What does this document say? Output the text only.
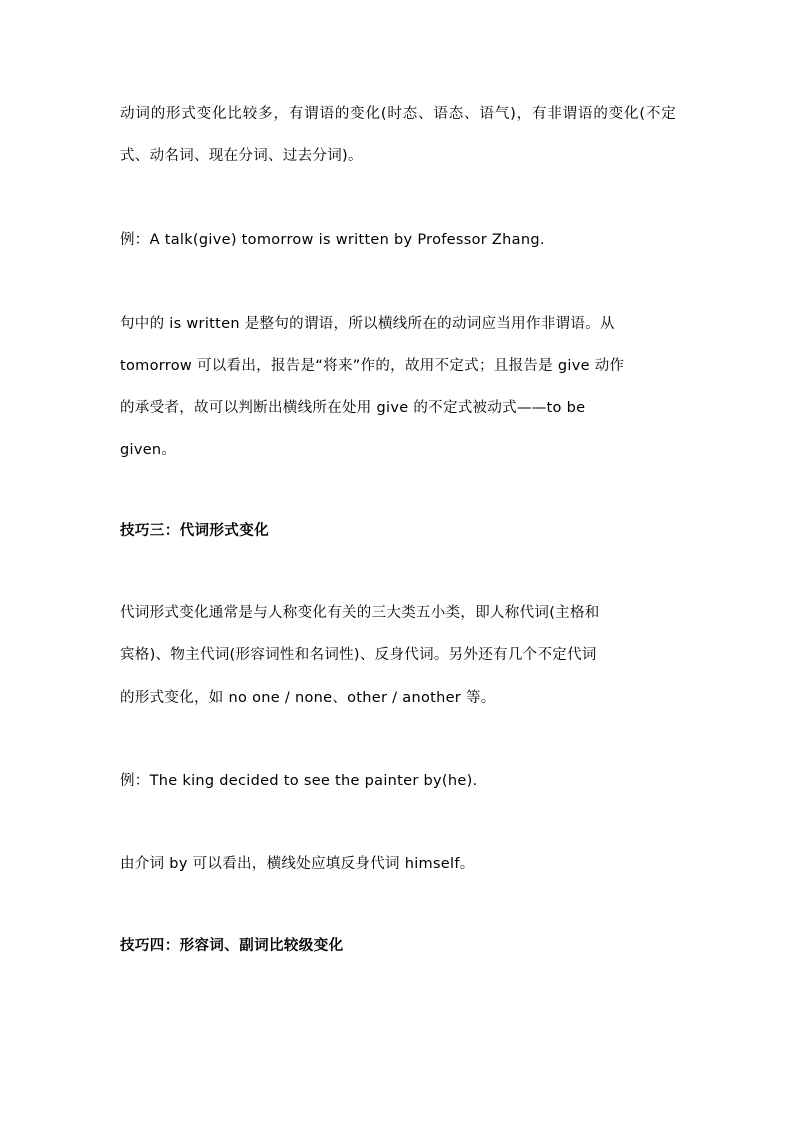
动词的形式变化比较多，有谓语的变化(时态、语态、语气)，有非谓语的变化(不定式、动名词、现在分词、过去分词)。
例：A talk(give) tomorrow is written by Professor Zhang.
句中的 is written 是整句的谓语，所以横线所在的动词应当用作非谓语。从
tomorrow 可以看出，报告是“将来”作的，故用不定式；且报告是 give 动作
的承受者，故可以判断出横线所在处用 give 的不定式被动式——to be
given。
技巧三：代词形式变化
代词形式变化通常是与人称变化有关的三大类五小类，即人称代词(主格和
宾格)、物主代词(形容词性和名词性)、反身代词。另外还有几个不定代词
的形式变化，如 no one / none、other / another 等。
例：The king decided to see the painter by(he).
由介词 by 可以看出，横线处应填反身代词 himself。
技巧四：形容词、副词比较级变化
